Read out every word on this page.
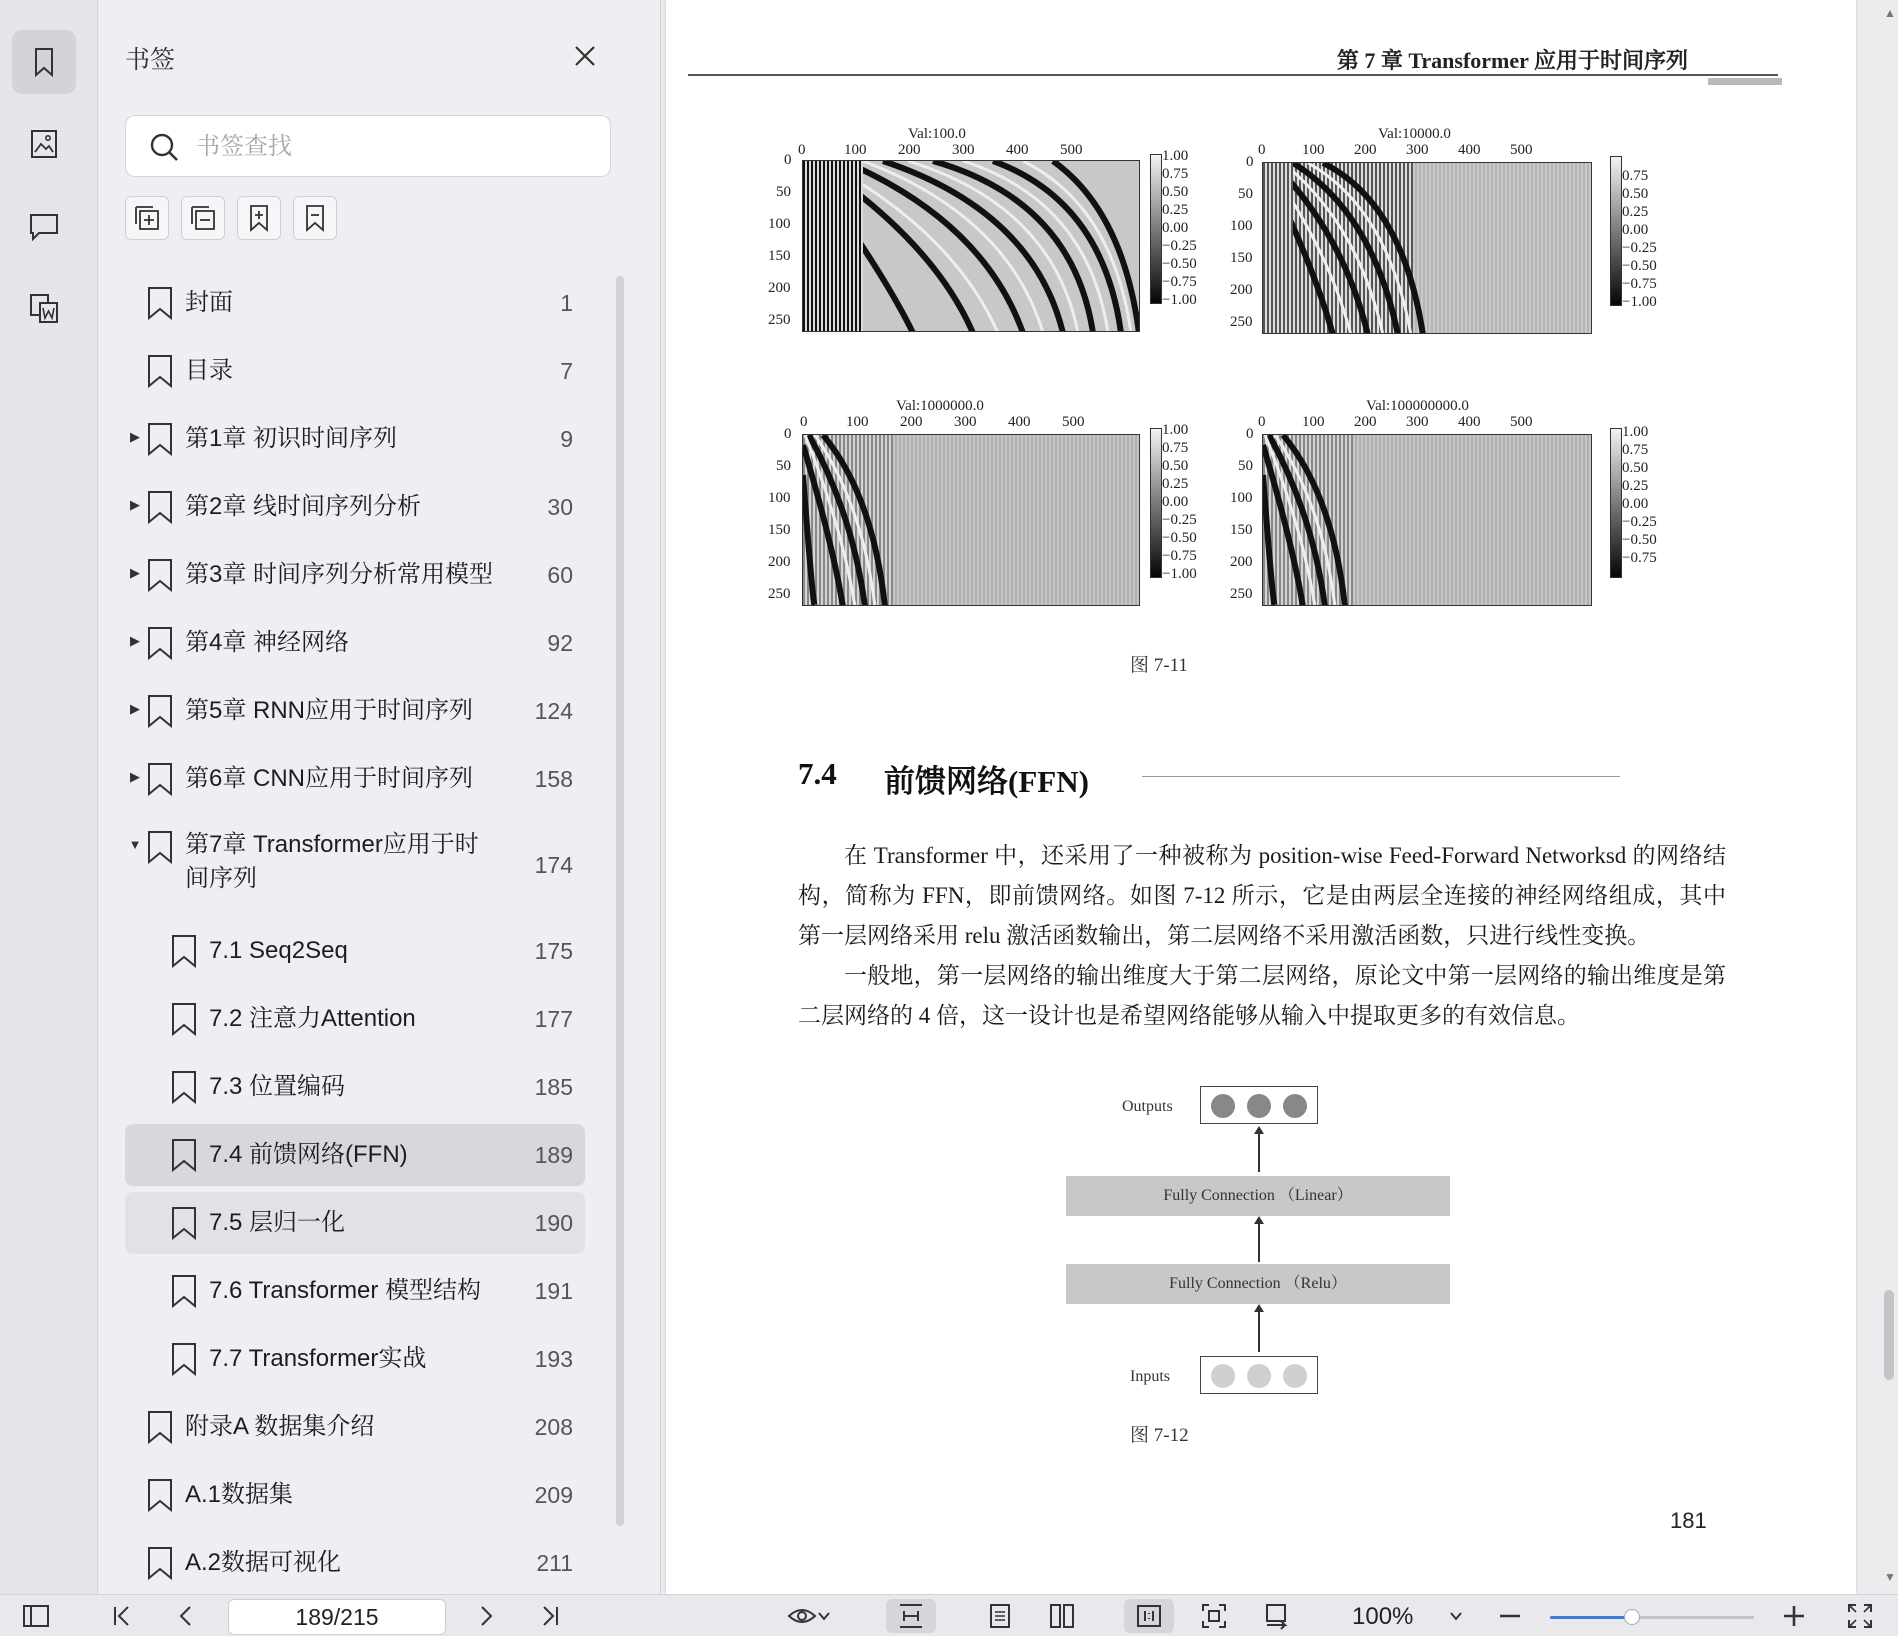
书签
书签查找
封面	1
目录	7
▶ 第1章 初识时间序列	9
▶ 第2章 线时间序列分析	30
▶ 第3章 时间序列分析常用模型 60
▶ 第4章 神经网络	92
▶ 第5章 RNN应用于时间序列	124
▶ 第6章 CNN应用于时间序列	158
▼ 第7章 Transformer应用于时
间序列	174
7.1 Seq2Seq	175
7.2 注意力Attention	177
7.3 位置编码	185
7.4 前馈网络(FFN)	189
7.5 层归一化	190
7.6 Transformer 模型结构 191
7.7 Transformer实战	193
附录A 数据集介绍	208
A.1数据集	209
A.2数据可视化	211
第 7 章 Transformer 应用于时间序列
Val:100.0
0	100 200 300 400 500
0
50
100
150
200
250
1.00
0.75
0.50
0.25
0.00
−0.25
−0.50
−0.75
−1.00
Val:10000.0
0 100 200 300 400 500
0
50
100
150
200
250
0.75
0.50
0.25
0.00
−0.25
−0.50
−0.75
−1.00
Val:1000000.0
0	100 200 300 400 500
0
50
100
150
200
250
1.00
0.75
0.50
0.25
0.00
−0.25
−0.50
−0.75
−1.00
Val:100000000.0
0 100 200 300 400 500
0
50
100
150
200
250
1.00
0.75
0.50
0.25
0.00
−0.25
−0.50
−0.75
图 7-11
7.4 前馈网络(FFN)
在 Transformer 中，还采用了一种被称为 position-wise Feed-Forward Networksd 的网络结构，简称为 FFN，即前馈网络。如图 7-12 所示，它是由两层全连接的神经网络组成，其中第一层网络采用 relu 激活函数输出，第二层网络不采用激活函数，只进行线性变换。
一般地，第一层网络的输出维度大于第二层网络，原论文中第一层网络的输出维度是第二层网络的 4 倍，这一设计也是希望网络能够从输入中提取更多的有效信息。
Outputs
Fully Connection （Linear）
Fully Connection （Relu）
Inputs
图 7-12
181
▲
▼
189/215
100%
